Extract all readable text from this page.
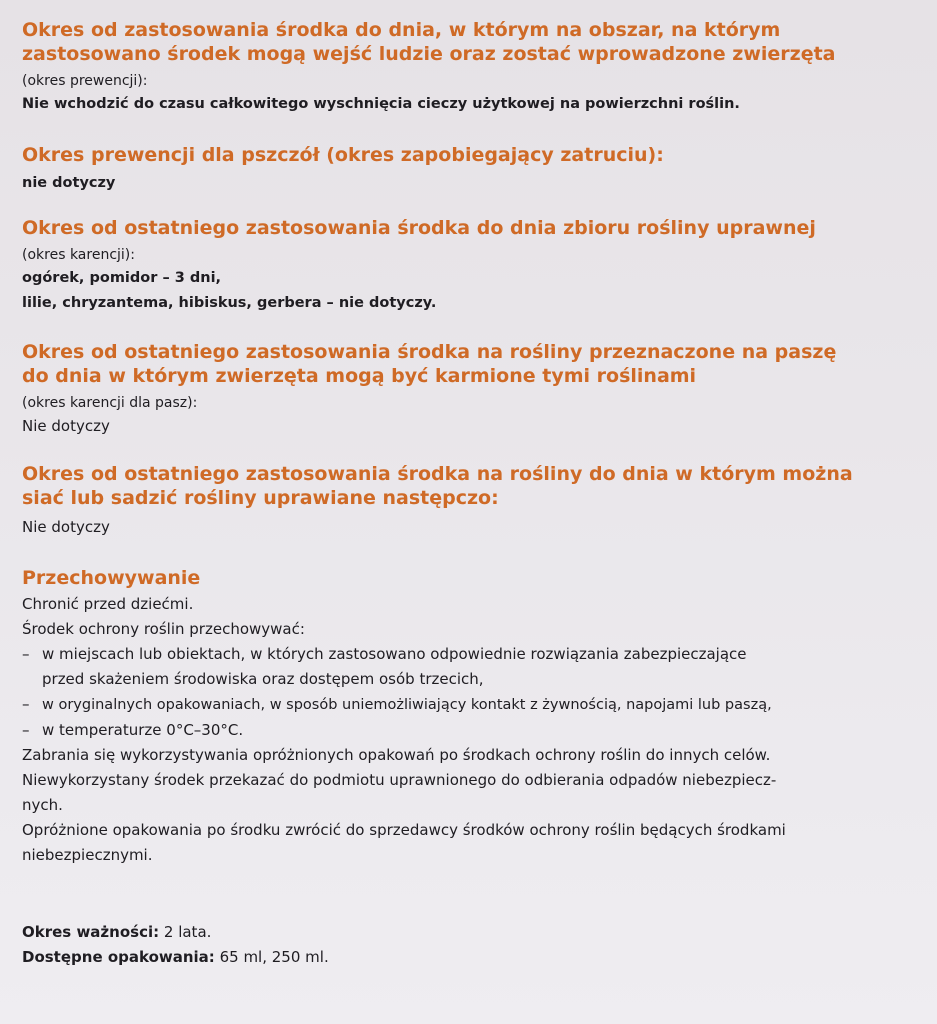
Okres od zastosowania środka do dnia, w którym na obszar, na którym

zastosowano środek mogą wejść ludzie oraz zostać wprowadzone zwierzęta

(okres prewencji):

Nie wchodzić do czasu całkowitego wyschnięcia cieczy użytkowej na powierzchni roślin.

Okres prewencji dla pszczół (okres zapobiegający zatruciu):

nie dotyczy

Okres od ostatniego zastosowania środka do dnia zbioru rośliny uprawnej

(okres karencji):

ogórek, pomidor – 3 dni,

lilie, chryzantema, hibiskus, gerbera – nie dotyczy.

Okres od ostatniego zastosowania środka na rośliny przeznaczone na paszę

do dnia w którym zwierzęta mogą być karmione tymi roślinami

(okres karencji dla pasz):

Nie dotyczy

Okres od ostatniego zastosowania środka na rośliny do dnia w którym można

siać lub sadzić rośliny uprawiane następczo:

Nie dotyczy

Przechowywanie

Chronić przed dziećmi.

Środek ochrony roślin przechowywać:

– w miejscach lub obiektach, w których zastosowano odpowiednie rozwiązania zabezpieczające

przed skażeniem środowiska oraz dostępem osób trzecich,

– w oryginalnych opakowaniach, w sposób uniemożliwiający kontakt z żywnością, napojami lub paszą,

– w temperaturze 0°C–30°C.

Zabrania się wykorzystywania opróżnionych opakowań po środkach ochrony roślin do innych celów.

Niewykorzystany środek przekazać do podmiotu uprawnionego do odbierania odpadów niebezpiecz-

nych.

Opróżnione opakowania po środku zwrócić do sprzedawcy środków ochrony roślin będących środkami

niebezpiecznymi.

Okres ważności: 2 lata.

Dostępne opakowania: 65 ml, 250 ml.
